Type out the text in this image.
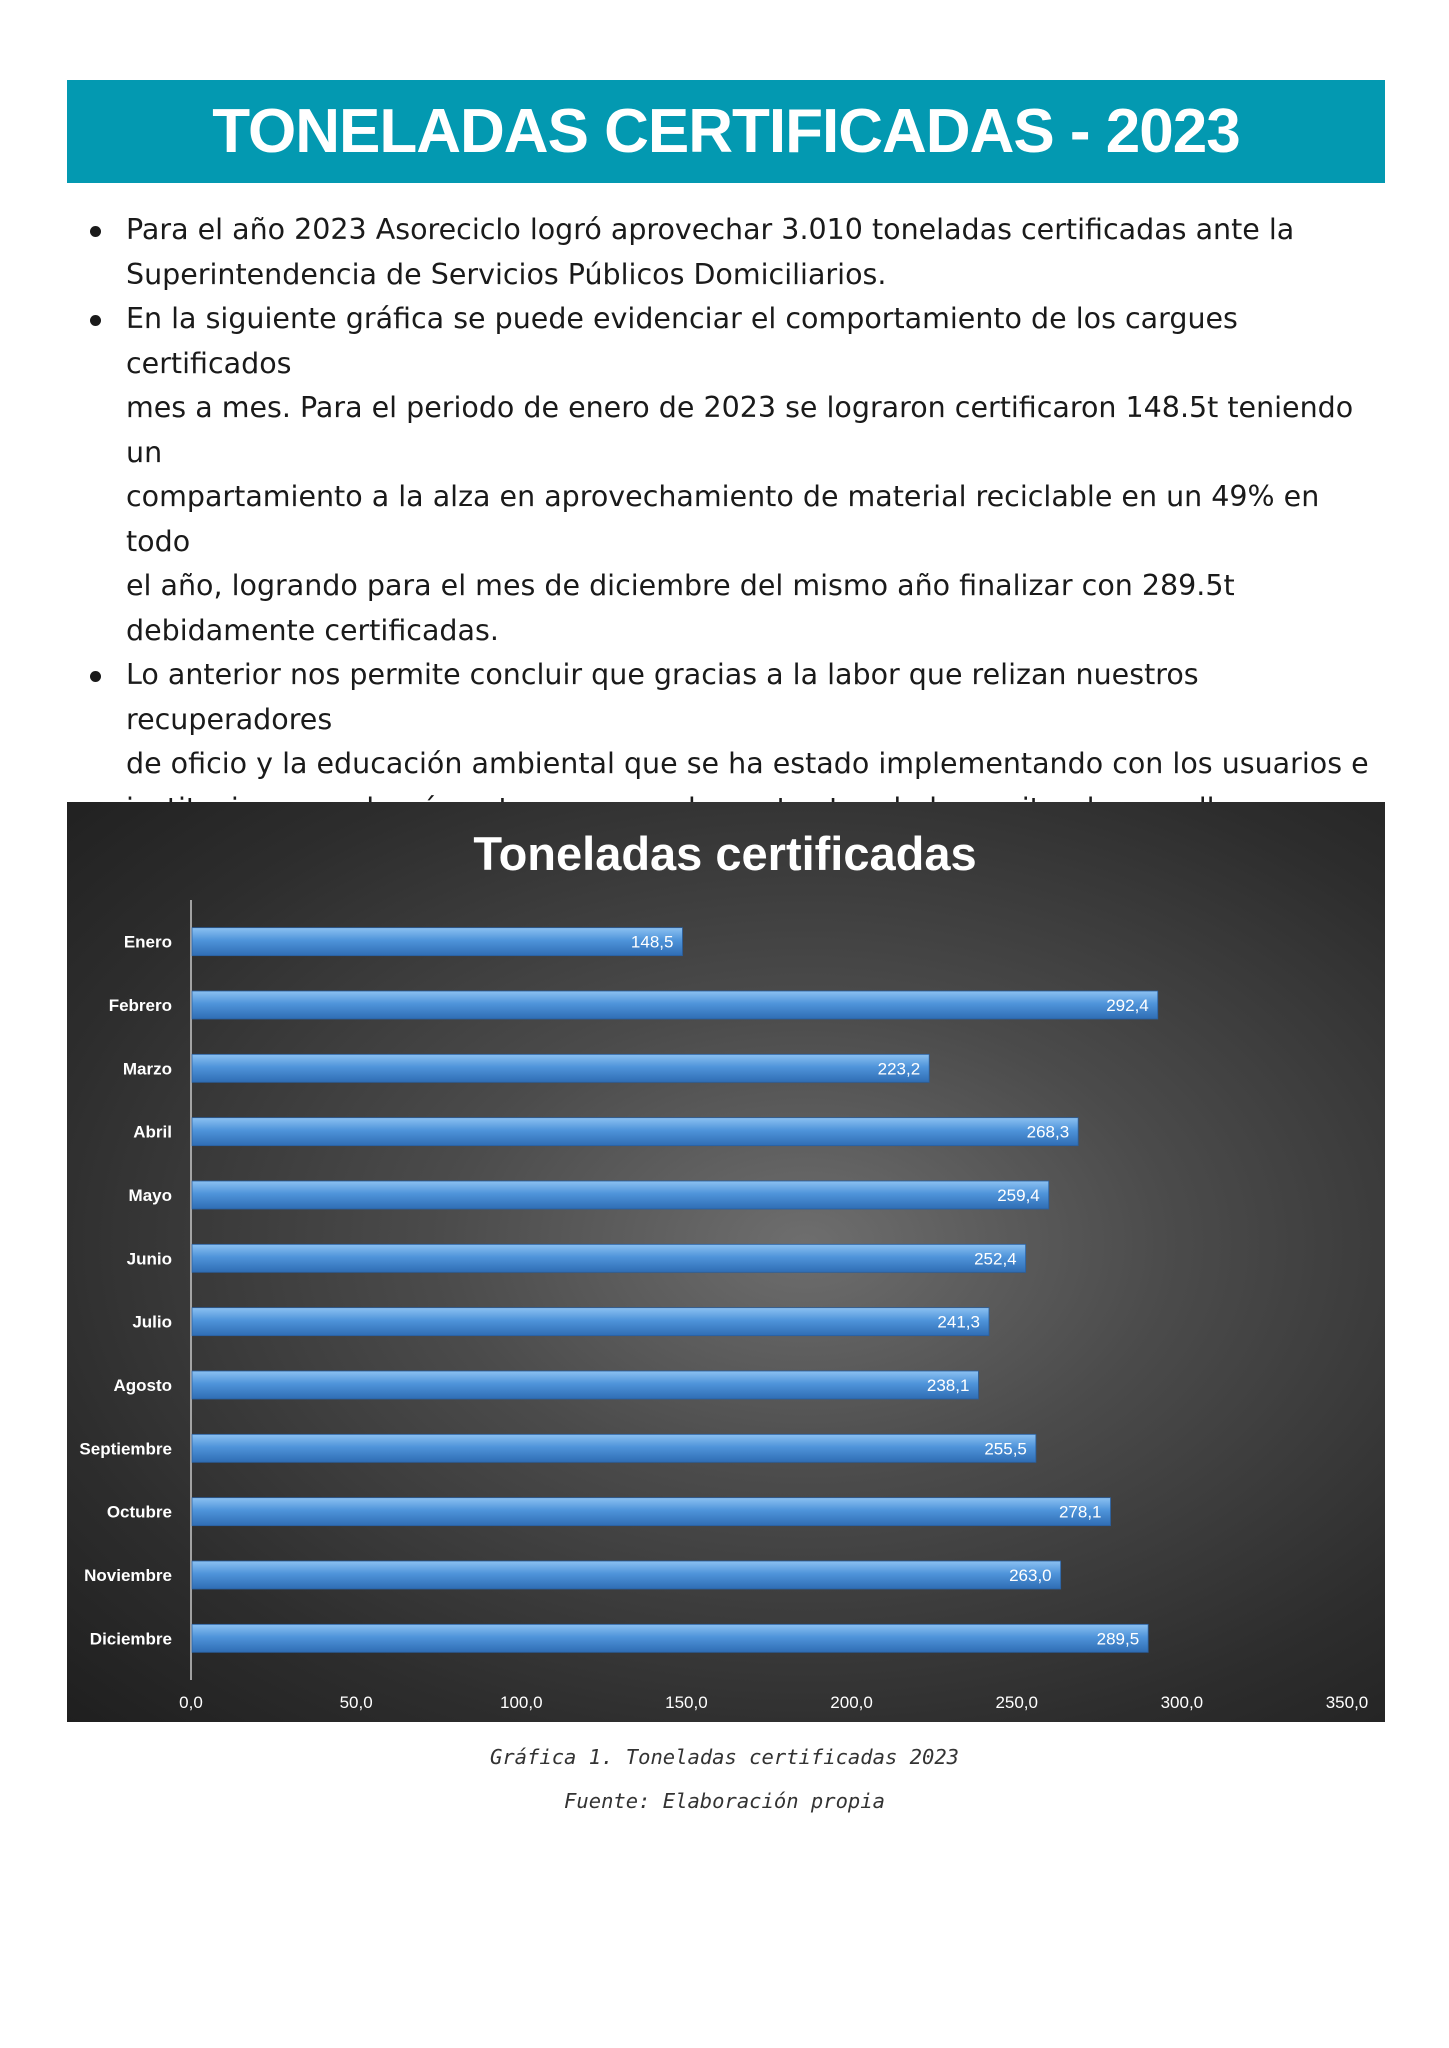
TONELADAS CERTIFICADAS - 2023
Para el año 2023 Asoreciclo logró aprovechar 3.010 toneladas certificadas ante la
Superintendencia de Servicios Públicos Domiciliarios.
En la siguiente gráfica se puede evidenciar el comportamiento de los cargues certificados
mes a mes. Para el periodo de enero de 2023 se lograron certificaron 148.5t teniendo un
compartamiento a la alza en aprovechamiento de material reciclable en un 49% en todo
el año, logrando para el mes de diciembre del mismo año finalizar con 289.5t
debidamente certificadas.
Lo anterior nos permite concluir que gracias a la labor que relizan nuestros recuperadores
de oficio y la educación ambiental que se ha estado implementando con los usuarios e
Toneladas certificadas
Enero	148,5
Febrero	292,4
Marzo	223,2
Abril	268,3
Mayo	259,4
Junio	252,4
Julio	241,3
Agosto	238,1
Septiembre	255,5
Octubre	278,1
Noviembre	263,0
Diciembre	289,5
0,0	50,0	100,0	150,0	200,0	250,0	300,0	350,0
Gráfica 1. Toneladas certificadas 2023
Fuente: Elaboración propia
